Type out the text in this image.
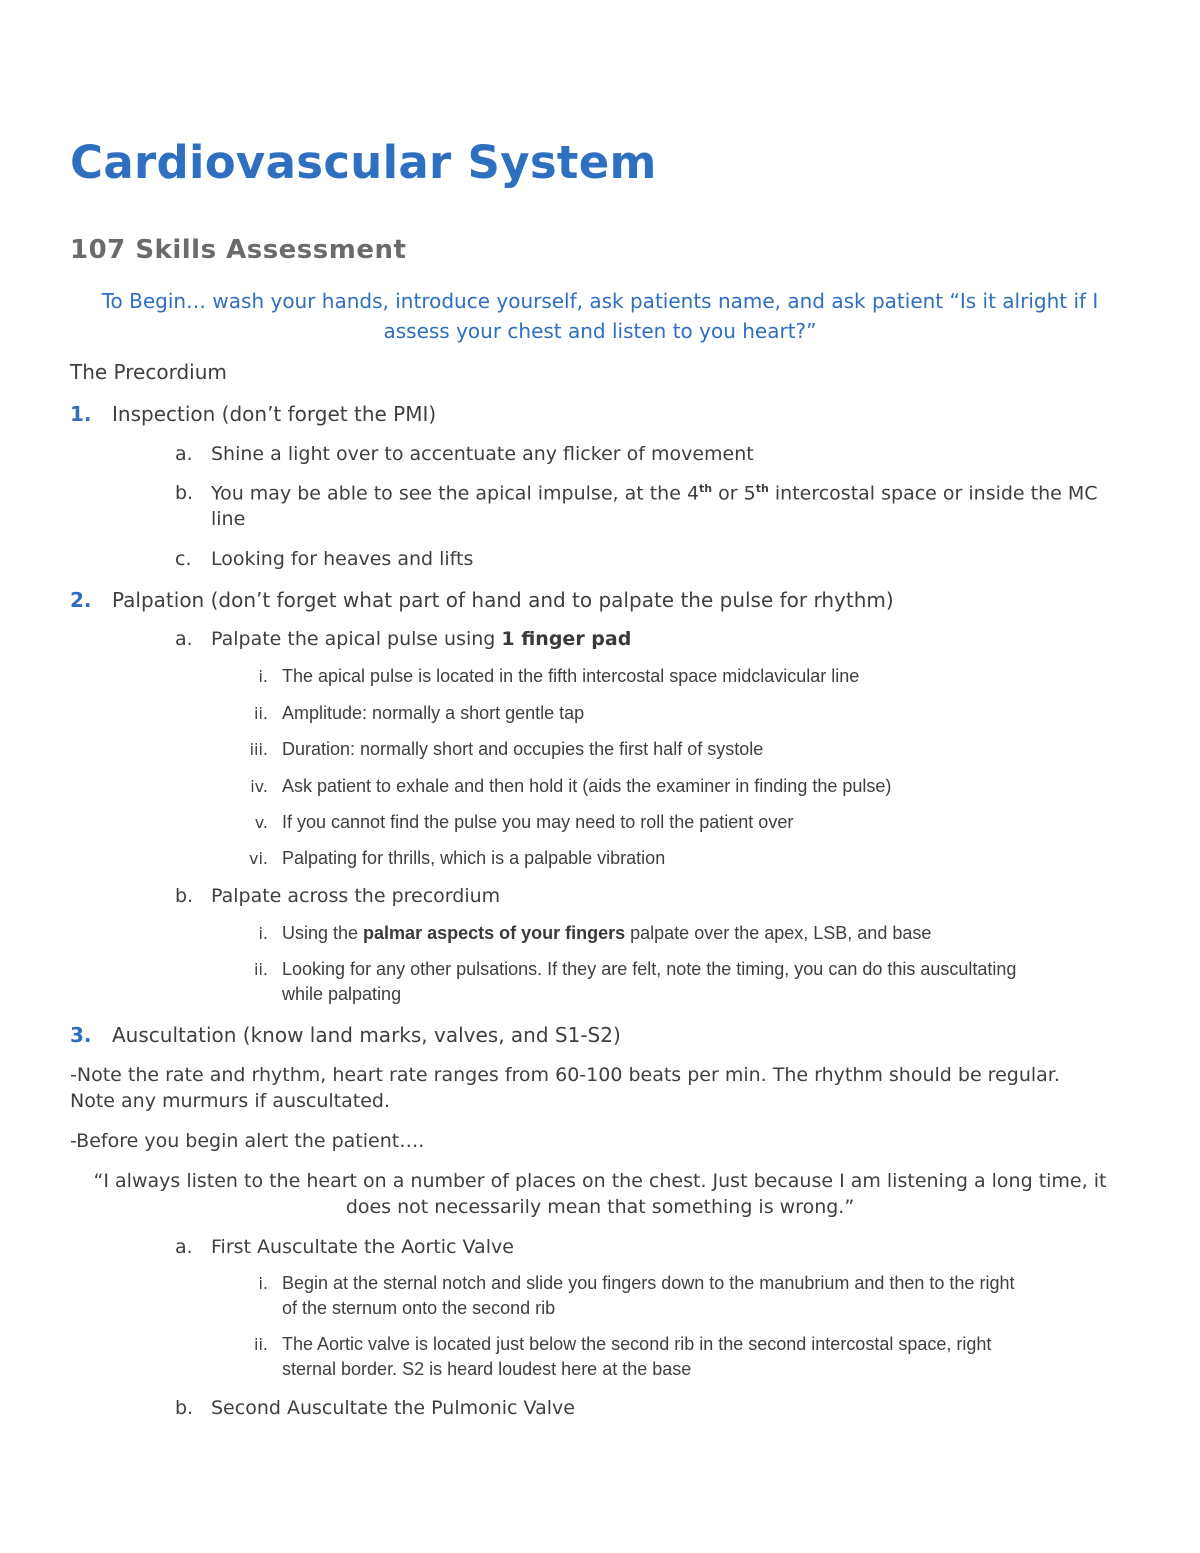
Cardiovascular System
107 Skills Assessment
To Begin… wash your hands, introduce yourself, ask patients name, and ask patient “Is it alright if I assess your chest and listen to you heart?”
The Precordium
1. Inspection (don’t forget the PMI)
a. Shine a light over to accentuate any flicker of movement
b. You may be able to see the apical impulse, at the 4th or 5th intercostal space or inside the MC
line
c. Looking for heaves and lifts
2. Palpation (don’t forget what part of hand and to palpate the pulse for rhythm)
a. Palpate the apical pulse using 1 finger pad
i. The apical pulse is located in the fifth intercostal space midclavicular line
ii. Amplitude: normally a short gentle tap
iii. Duration: normally short and occupies the first half of systole
iv. Ask patient to exhale and then hold it (aids the examiner in finding the pulse)
v. If you cannot find the pulse you may need to roll the patient over
vi. Palpating for thrills, which is a palpable vibration
b. Palpate across the precordium
i. Using the palmar aspects of your fingers palpate over the apex, LSB, and base
ii. Looking for any other pulsations. If they are felt, note the timing, you can do this auscultating
while palpating
3. Auscultation (know land marks, valves, and S1-S2)
-Note the rate and rhythm, heart rate ranges from 60-100 beats per min. The rhythm should be regular.
Note any murmurs if auscultated.
-Before you begin alert the patient….
“I always listen to the heart on a number of places on the chest. Just because I am listening a long time, it
does not necessarily mean that something is wrong.”
a. First Auscultate the Aortic Valve
i. Begin at the sternal notch and slide you fingers down to the manubrium and then to the right
of the sternum onto the second rib
ii. The Aortic valve is located just below the second rib in the second intercostal space, right
sternal border. S2 is heard loudest here at the base
b. Second Auscultate the Pulmonic Valve
